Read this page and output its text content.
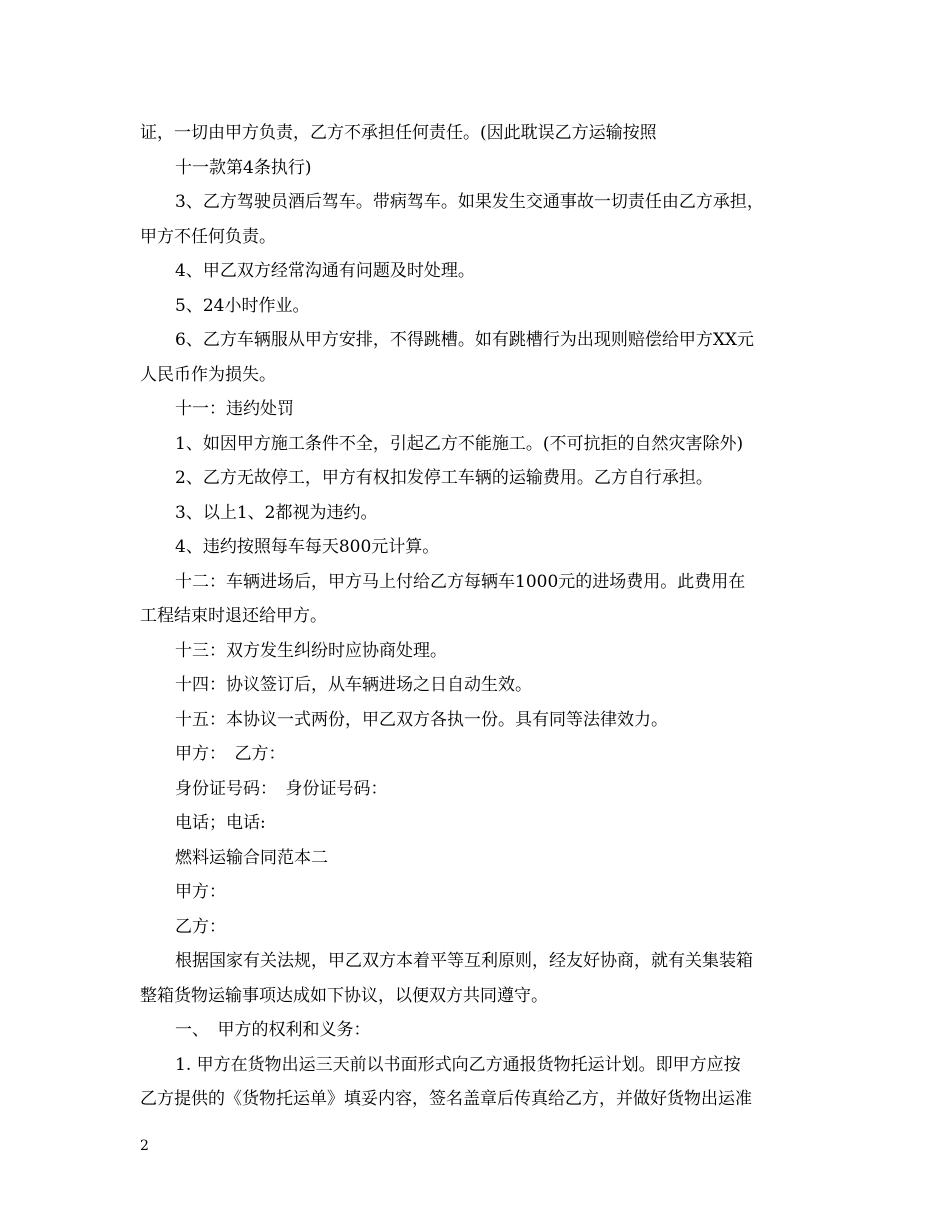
证，一切由甲方负责，乙方不承担任何责任。(因此耽误乙方运输按照
十一款第4条执行)
3、乙方驾驶员酒后驾车。带病驾车。如果发生交通事故一切责任由乙方承担，
甲方不任何负责。
4、甲乙双方经常沟通有问题及时处理。
5、24小时作业。
6、乙方车辆服从甲方安排，不得跳槽。如有跳槽行为出现则赔偿给甲方XX元
人民币作为损失。
十一：违约处罚
1、如因甲方施工条件不全，引起乙方不能施工。(不可抗拒的自然灾害除外)
2、乙方无故停工，甲方有权扣发停工车辆的运输费用。乙方自行承担。
3、以上1、2都视为违约。
4、违约按照每车每天800元计算。
十二：车辆进场后，甲方马上付给乙方每辆车1000元的进场费用。此费用在
工程结束时退还给甲方。
十三：双方发生纠纷时应协商处理。
十四：协议签订后，从车辆进场之日自动生效。
十五：本协议一式两份，甲乙双方各执一份。具有同等法律效力。
甲方：　乙方：
身份证号码：　身份证号码：
电话；电话:
燃料运输合同范本二
甲方：
乙方：
根据国家有关法规，甲乙双方本着平等互利原则，经友好协商，就有关集装箱
整箱货物运输事项达成如下协议，以便双方共同遵守。
一、　甲方的权利和义务：
1. 甲方在货物出运三天前以书面形式向乙方通报货物托运计划。即甲方应按
乙方提供的《货物托运单》填妥内容，签名盖章后传真给乙方，并做好货物出运准
2
